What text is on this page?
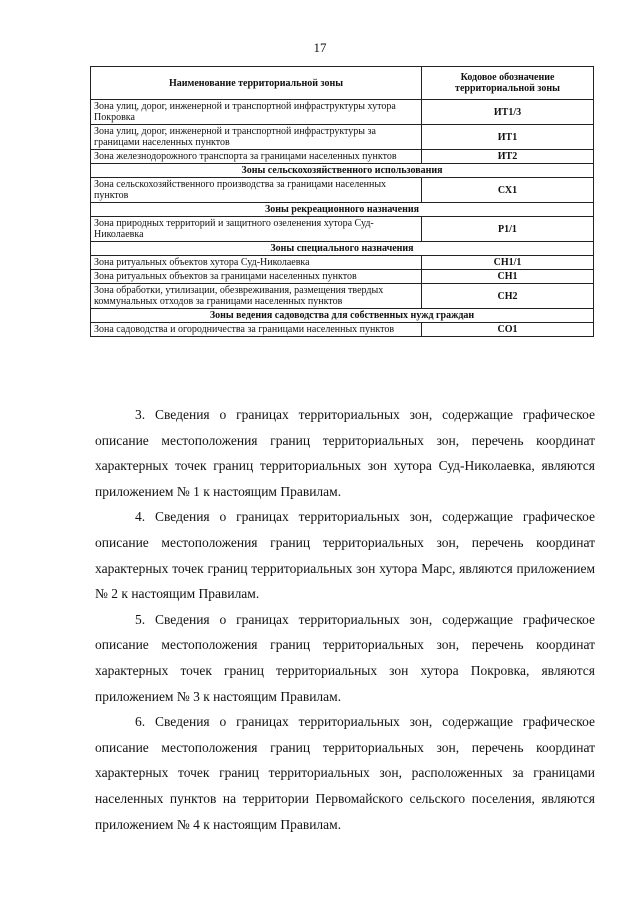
17
Наименование территориальной зоны	Кодовое обозначение территориальной зоны
Зона улиц, дорог, инженерной и транспортной инфраструктуры хутора Покровка	ИТ1/3
Зона улиц, дорог, инженерной и транспортной инфраструктуры за границами населенных пунктов	ИТ1
Зона железнодорожного транспорта за границами населенных пунктов	ИТ2
Зоны сельскохозяйственного использования	
Зона сельскохозяйственного производства за границами населенных пунктов	СХ1
Зоны рекреационного назначения	
Зона природных территорий и защитного озеленения хутора Суд-Николаевка	Р1/1
Зоны специального назначения	
Зона ритуальных объектов хутора Суд-Николаевка	СН1/1
Зона ритуальных объектов за границами населенных пунктов	СН1
Зона обработки, утилизации, обезвреживания, размещения твердых коммунальных отходов за границами населенных пунктов	СН2
Зоны ведения садоводства для собственных нужд граждан	
Зона садоводства и огородничества за границами населенных пунктов	СО1

3. Сведения о границах территориальных зон, содержащие графическое описание местоположения границ территориальных зон, перечень координат характерных точек границ территориальных зон хутора Суд-Николаевка, являются приложением № 1 к настоящим Правилам.

4. Сведения о границах территориальных зон, содержащие графическое описание местоположения границ территориальных зон, перечень координат характерных точек границ территориальных зон хутора Марс, являются приложением № 2 к настоящим Правилам.

5. Сведения о границах территориальных зон, содержащие графическое описание местоположения границ территориальных зон, перечень координат характерных точек границ территориальных зон хутора Покровка, являются приложением № 3 к настоящим Правилам.

6. Сведения о границах территориальных зон, содержащие графическое описание местоположения границ территориальных зон, перечень координат характерных точек границ территориальных зон, расположенных за границами населенных пунктов на территории Первомайского сельского поселения, являются приложением № 4 к настоящим Правилам.
